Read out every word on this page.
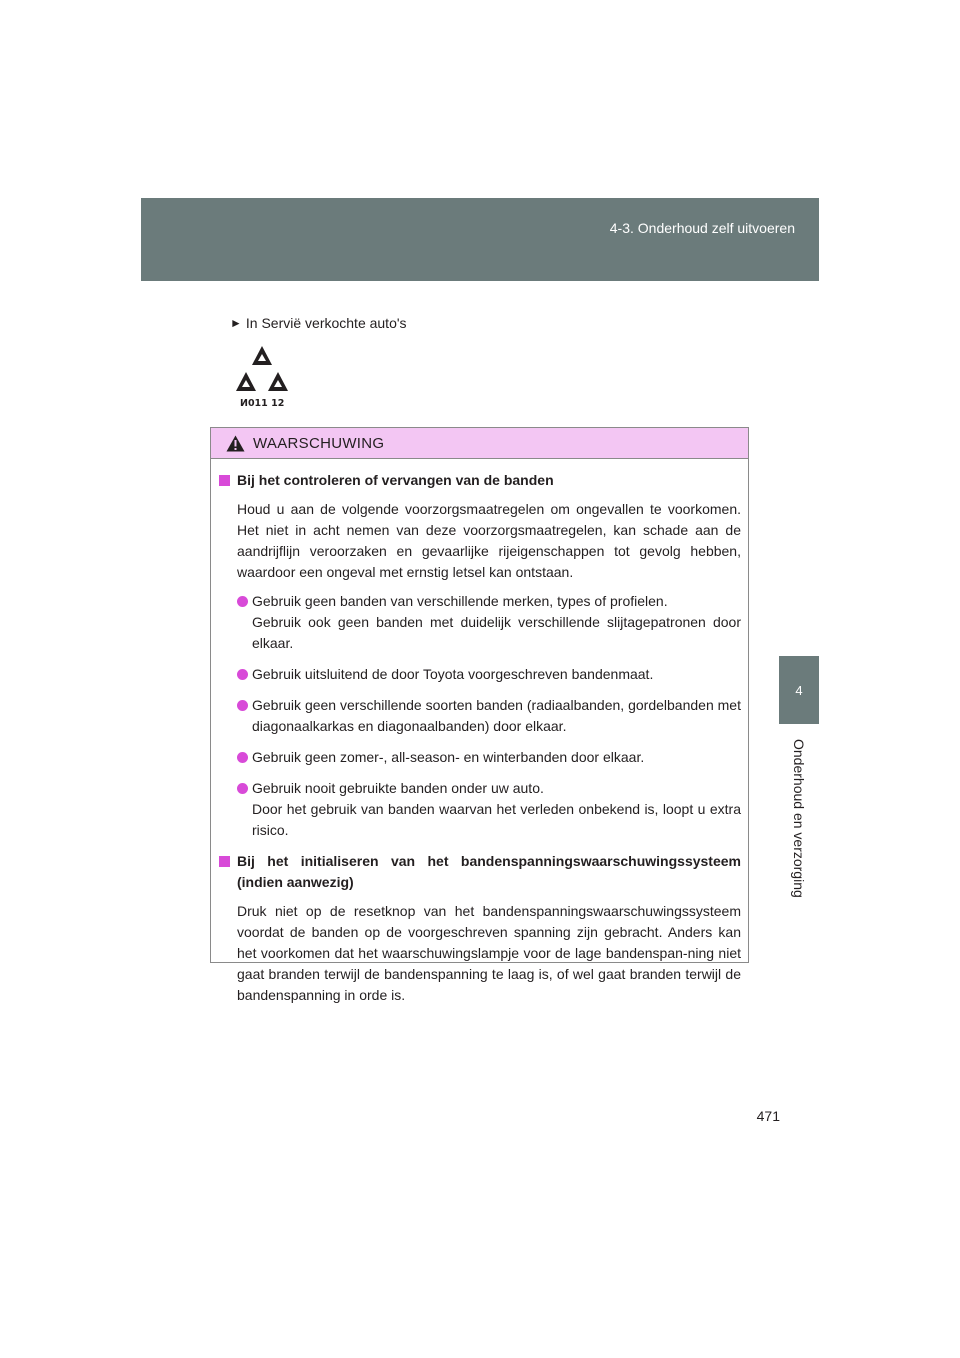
4-3. Onderhoud zelf uitvoeren
4
Onderhoud en verzorging
► In Servië verkochte auto's
И011 12
WAARSCHUWING
Bij het controleren of vervangen van de banden

Houd u aan de volgende voorzorgsmaatregelen om ongevallen te voorkomen. Het niet in acht nemen van deze voorzorgsmaatregelen, kan schade aan de aandrijflijn veroorzaken en gevaarlijke rijeigenschappen tot gevolg hebben, waardoor een ongeval met ernstig letsel kan ontstaan.

Gebruik geen banden van verschillende merken, types of profielen.
Gebruik ook geen banden met duidelijk verschillende slijtagepatronen door elkaar.
Gebruik uitsluitend de door Toyota voorgeschreven bandenmaat.
Gebruik geen verschillende soorten banden (radiaalbanden, gordelbanden met diagonaalkarkas en diagonaalbanden) door elkaar.
Gebruik geen zomer-, all-season- en winterbanden door elkaar.
Gebruik nooit gebruikte banden onder uw auto.
Door het gebruik van banden waarvan het verleden onbekend is, loopt u extra risico.
Bij het initialiseren van het bandenspanningswaarschuwingssysteem (indien aanwezig)

Druk niet op de resetknop van het bandenspanningswaarschuwingssysteem voordat de banden op de voorgeschreven spanning zijn gebracht. Anders kan het voorkomen dat het waarschuwingslampje voor de lage bandenspan-ning niet gaat branden terwijl de bandenspanning te laag is, of wel gaat branden terwijl de bandenspanning in orde is.

471
